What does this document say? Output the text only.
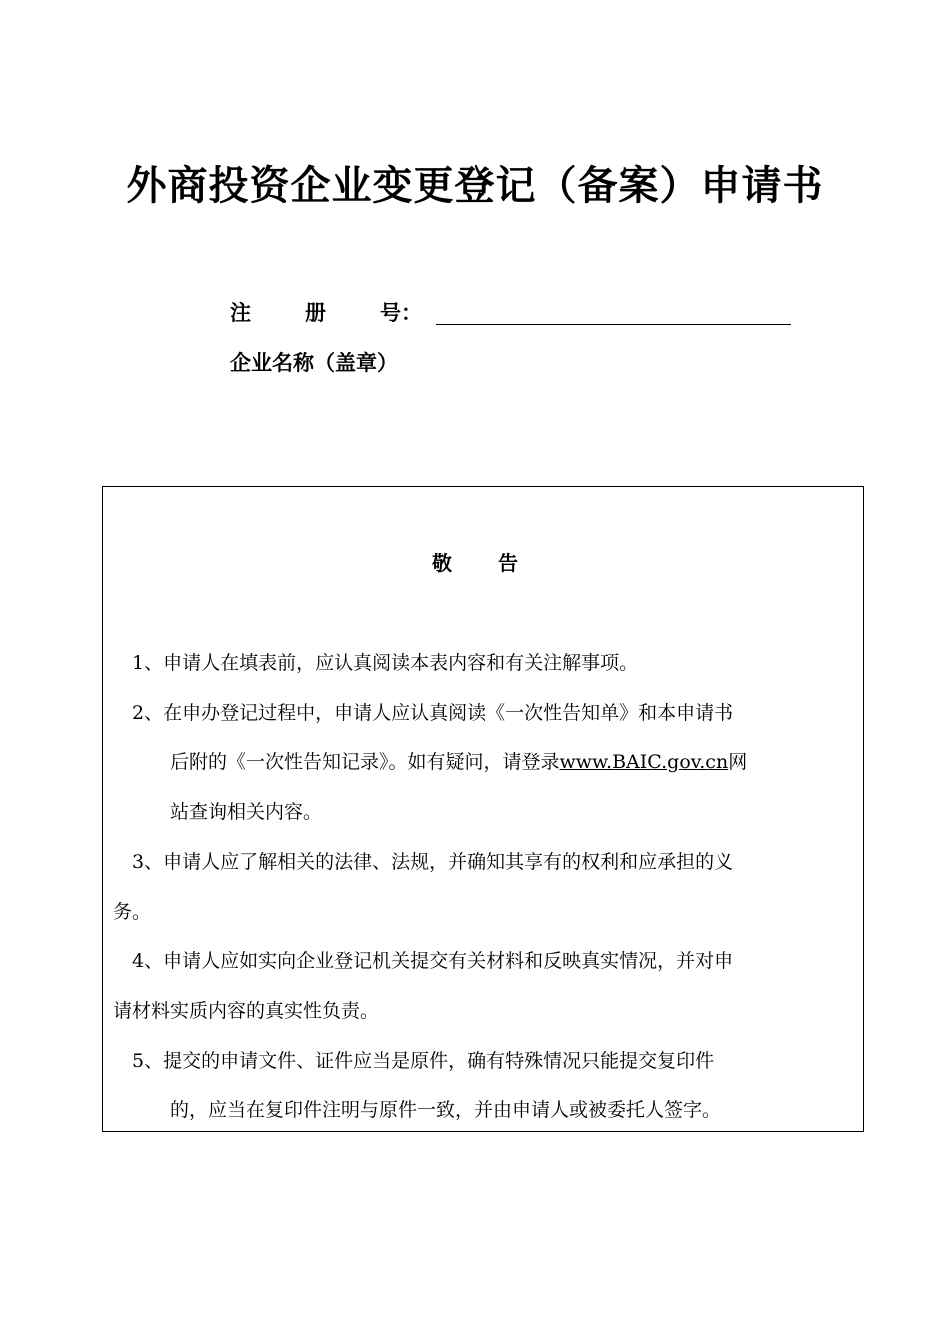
外商投资企业变更登记（备案）申请书
注	册	号：
企业名称（盖章）
敬 告
1、申请人在填表前，应认真阅读本表内容和有关注解事项。
2、在申办登记过程中，申请人应认真阅读《一次性告知单》和本申请书
后附的《一次性告知记录》。如有疑问，请登录www.BAIC.gov.cn网
站查询相关内容。
3、申请人应了解相关的法律、法规，并确知其享有的权利和应承担的义
务。
4、申请人应如实向企业登记机关提交有关材料和反映真实情况，并对申
请材料实质内容的真实性负责。
5、提交的申请文件、证件应当是原件，确有特殊情况只能提交复印件
的，应当在复印件注明与原件一致，并由申请人或被委托人签字。
